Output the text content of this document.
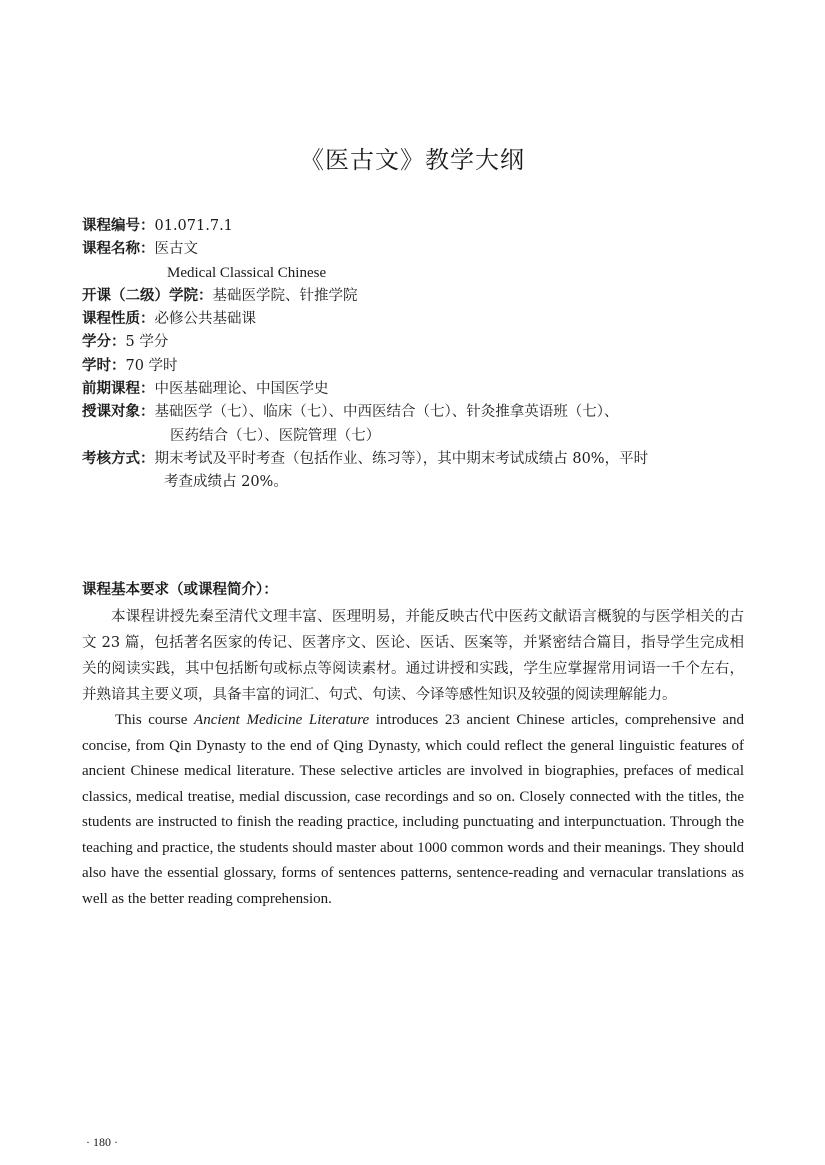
《医古文》教学大纲
课程编号： 01.071.7.1
课程名称： 医古文
Medical Classical Chinese
开课（二级）学院： 基础医学院、针推学院
课程性质： 必修公共基础课
学分： 5 学分
学时： 70 学时
前期课程： 中医基础理论、中国医学史
授课对象： 基础医学（七）、临床（七）、中西医结合（七）、针灸推拿英语班（七）、
医药结合（七）、医院管理（七）
考核方式： 期末考试及平时考查（包括作业、练习等），其中期末考试成绩占 80%，平时
考查成绩占 20%。
课程基本要求（或课程简介）：

本课程讲授先秦至清代文理丰富、医理明易，并能反映古代中医药文献语言概貌的与医学相关的古文 23 篇，包括著名医家的传记、医著序文、医论、医话、医案等，并紧密结合篇目，指导学生完成相关的阅读实践，其中包括断句或标点等阅读素材。通过讲授和实践，学生应掌握常用词语一千个左右，并熟谙其主要义项，具备丰富的词汇、句式、句读、今译等感性知识及较强的阅读理解能力。

This course Ancient Medicine Literature introduces 23 ancient Chinese articles, comprehensive and concise, from Qin Dynasty to the end of Qing Dynasty, which could reflect the general linguistic features of ancient Chinese medical literature. These selective articles are involved in biographies, prefaces of medical classics, medical treatise, medial discussion, case recordings and so on. Closely connected with the titles, the students are instructed to finish the reading practice, including punctuating and interpunctuation. Through the teaching and practice, the students should master about 1000 common words and their meanings. They should also have the essential glossary, forms of sentences patterns, sentence-reading and vernacular translations as well as the better reading comprehension.

· 180 ·
